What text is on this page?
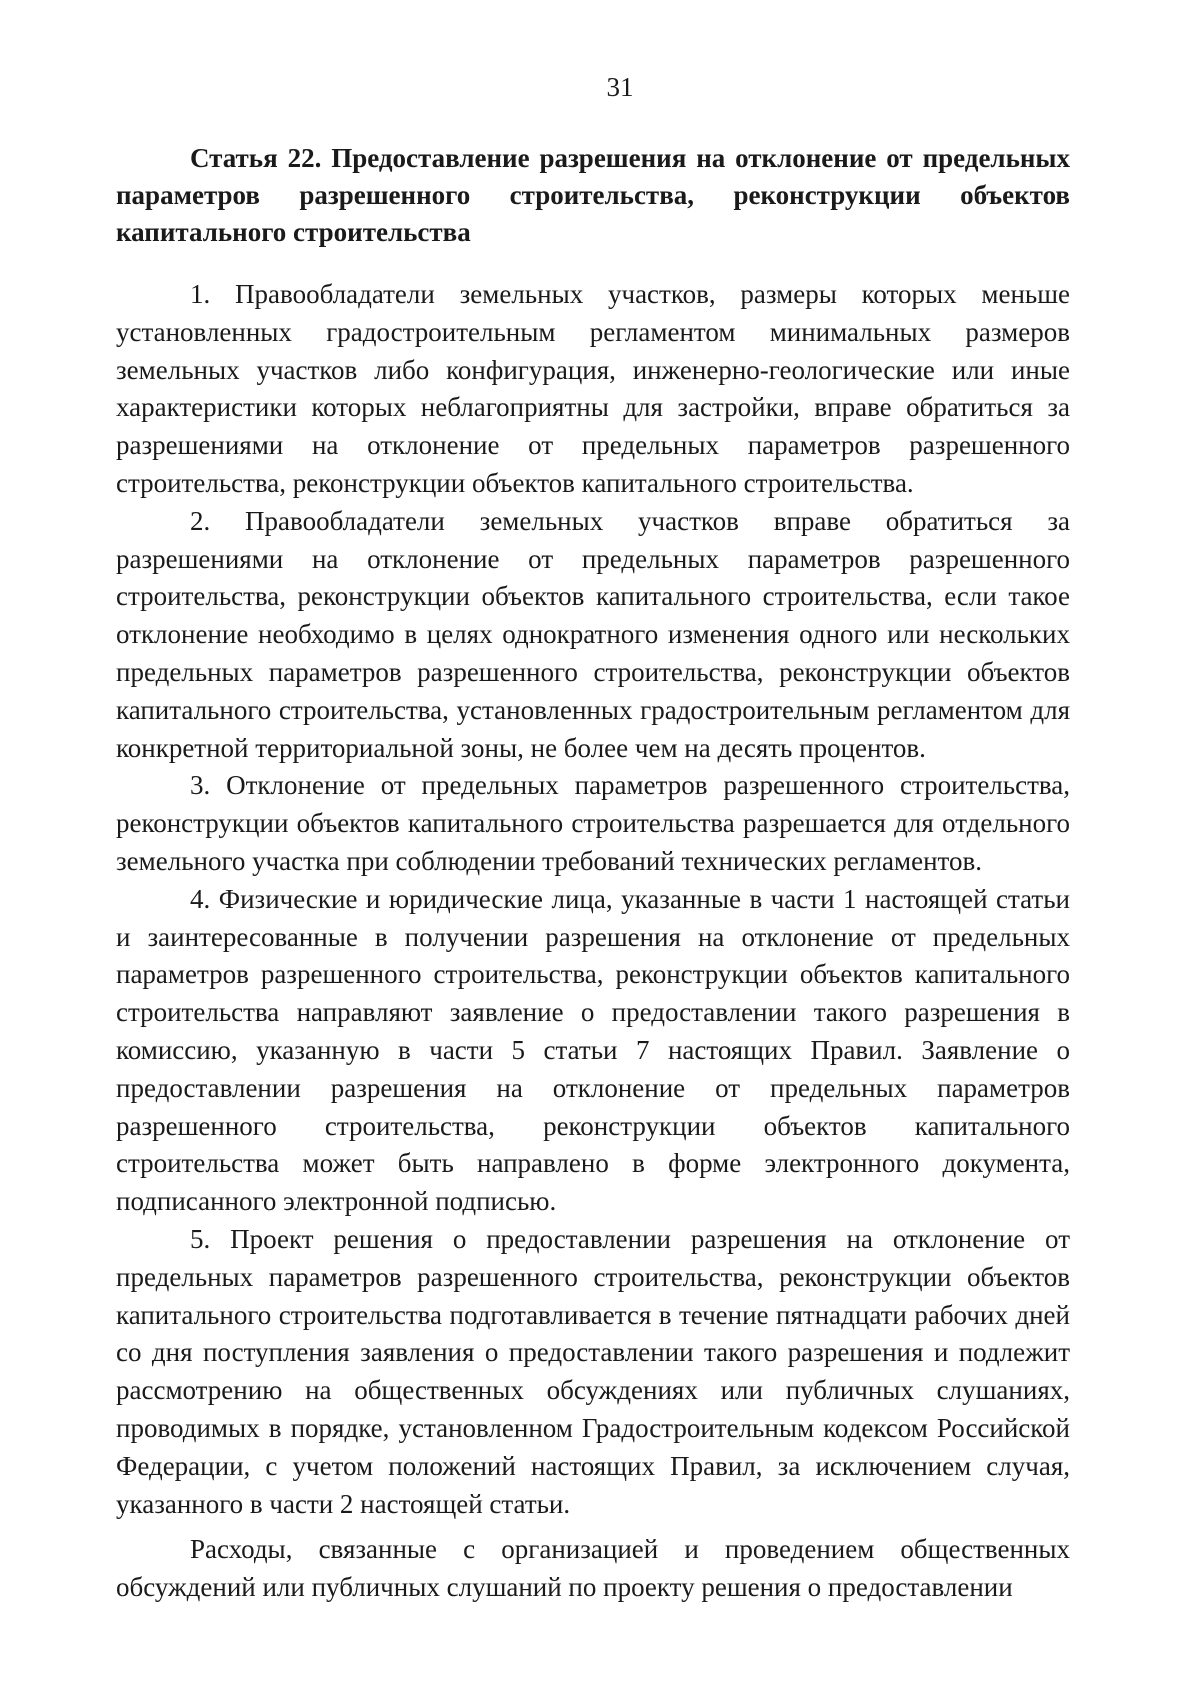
31

Статья 22. Предоставление разрешения на отклонение от предельных параметров разрешенного строительства, реконструкции объектов капитального строительства

1. Правообладатели земельных участков, размеры которых меньше установленных градостроительным регламентом минимальных размеров земельных участков либо конфигурация, инженерно-геологические или иные характеристики которых неблагоприятны для застройки, вправе обратиться за разрешениями на отклонение от предельных параметров разрешенного строительства, реконструкции объектов капитального строительства.

2. Правообладатели земельных участков вправе обратиться за разрешениями на отклонение от предельных параметров разрешенного строительства, реконструкции объектов капитального строительства, если такое отклонение необходимо в целях однократного изменения одного или нескольких предельных параметров разрешенного строительства, реконструкции объектов капитального строительства, установленных градостроительным регламентом для конкретной территориальной зоны, не более чем на десять процентов.

3. Отклонение от предельных параметров разрешенного строительства, реконструкции объектов капитального строительства разрешается для отдельного земельного участка при соблюдении требований технических регламентов.

4. Физические и юридические лица, указанные в части 1 настоящей статьи и заинтересованные в получении разрешения на отклонение от предельных параметров разрешенного строительства, реконструкции объектов капитального строительства направляют заявление о предоставлении такого разрешения в комиссию, указанную в части 5 статьи 7 настоящих Правил. Заявление о предоставлении разрешения на отклонение от предельных параметров разрешенного строительства, реконструкции объектов капитального строительства может быть направлено в форме электронного документа, подписанного электронной подписью.

5. Проект решения о предоставлении разрешения на отклонение от предельных параметров разрешенного строительства, реконструкции объектов капитального строительства подготавливается в течение пятнадцати рабочих дней со дня поступления заявления о предоставлении такого разрешения и подлежит рассмотрению на общественных обсуждениях или публичных слушаниях, проводимых в порядке, установленном Градостроительным кодексом Российской Федерации, с учетом положений настоящих Правил, за исключением случая, указанного в части 2 настоящей статьи.

Расходы, связанные с организацией и проведением общественных обсуждений или публичных слушаний по проекту решения о предоставлении
